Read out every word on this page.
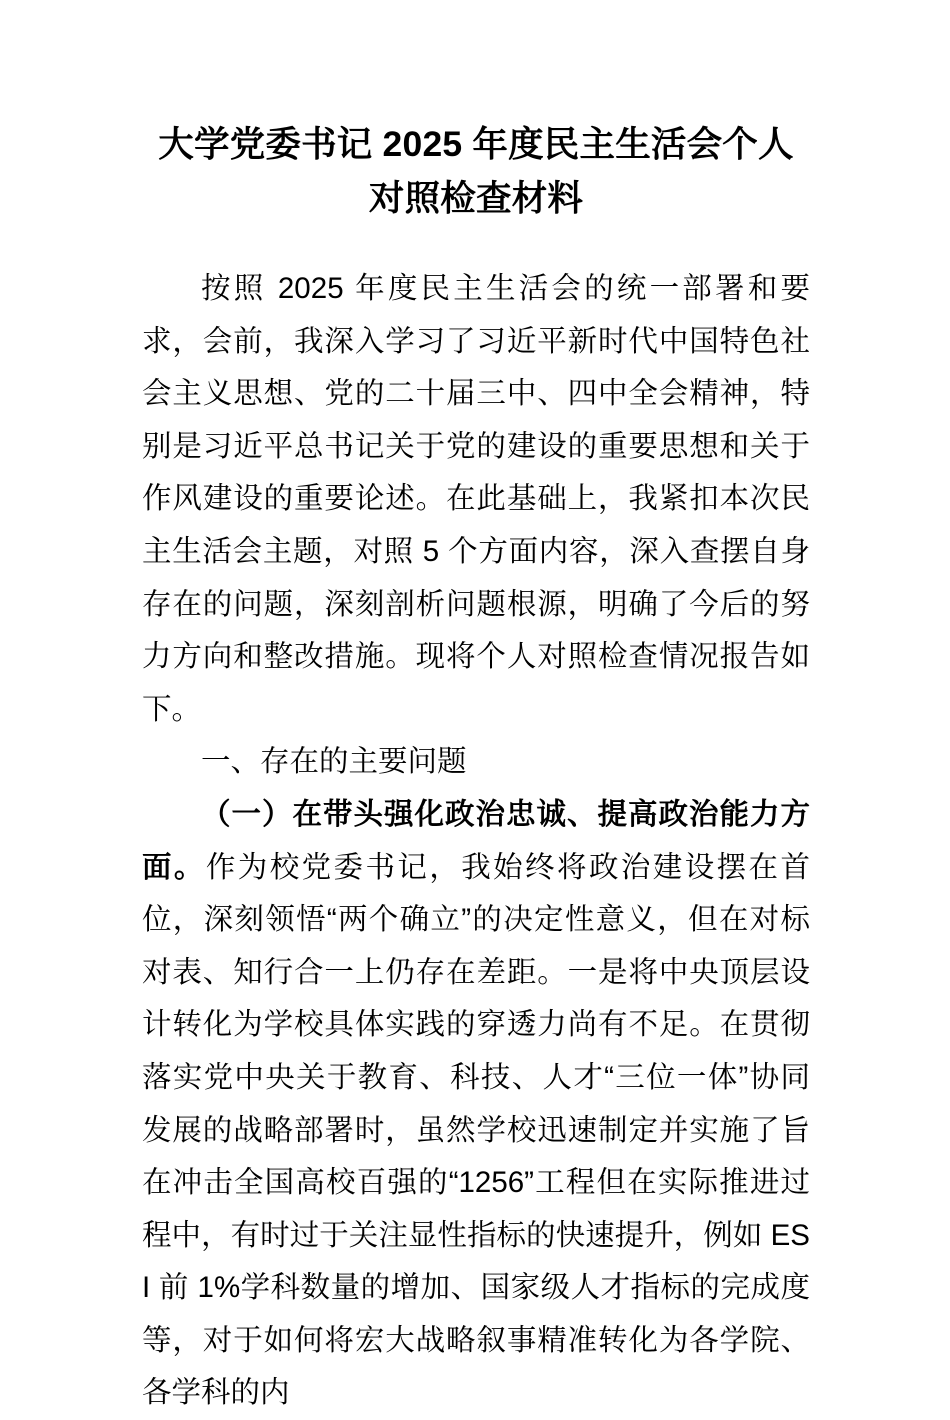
大学党委书记 2025 年度民主生活会个人对照检查材料

按照 2025 年度民主生活会的统一部署和要求，会前，我深入学习了习近平新时代中国特色社会主义思想、党的二十届三中、四中全会精神，特别是习近平总书记关于党的建设的重要思想和关于作风建设的重要论述。在此基础上，我紧扣本次民主生活会主题，对照 5 个方面内容，深入查摆自身存在的问题，深刻剖析问题根源，明确了今后的努力方向和整改措施。现将个人对照检查情况报告如下。

一、存在的主要问题

（一）在带头强化政治忠诚、提高政治能力方面。作为校党委书记，我始终将政治建设摆在首位，深刻领悟“两个确立”的决定性意义，但在对标对表、知行合一上仍存在差距。一是将中央顶层设计转化为学校具体实践的穿透力尚有不足。在贯彻落实党中央关于教育、科技、人才“三位一体”协同发展的战略部署时，虽然学校迅速制定并实施了旨在冲击全国高校百强的“1256”工程但在实际推进过程中，有时过于关注显性指标的快速提升，例如 ESI 前 1%学科数量的增加、国家级人才指标的完成度等，对于如何将宏大战略叙事精准转化为各学院、各学科的内
